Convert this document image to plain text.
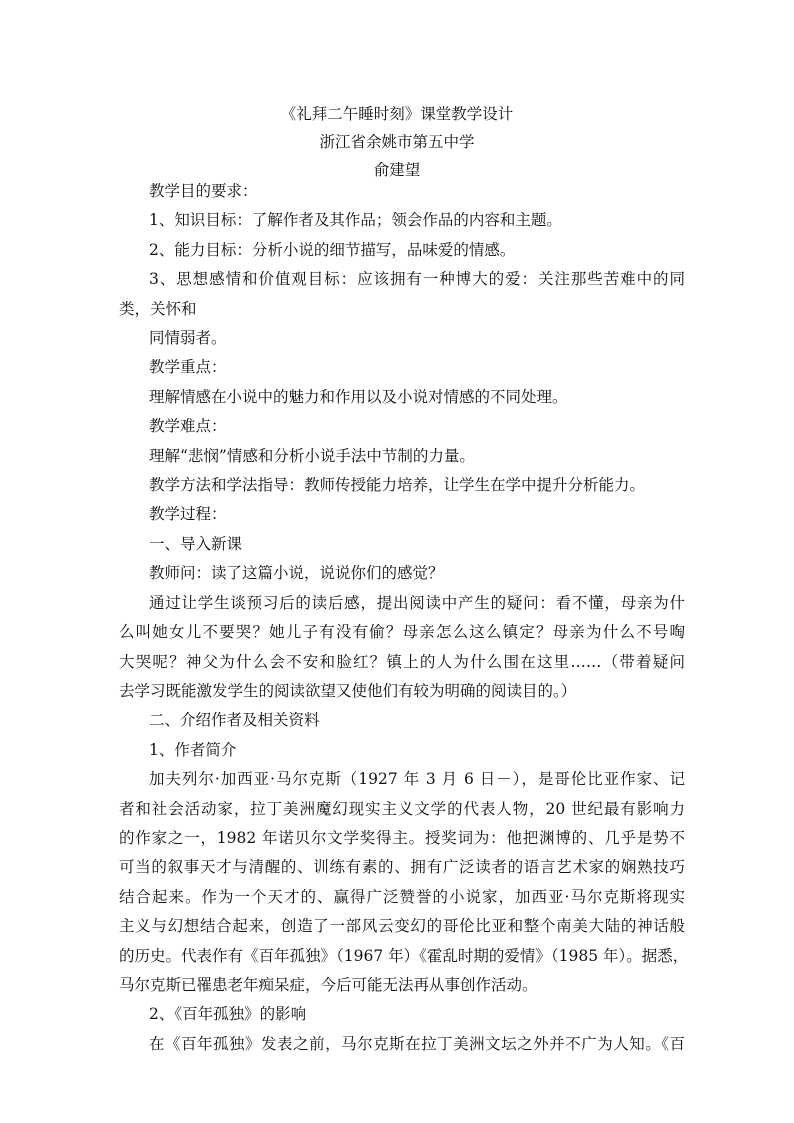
《礼拜二午睡时刻》课堂教学设计
浙江省余姚市第五中学
俞建望

教学目的要求：

1、知识目标：了解作者及其作品；领会作品的内容和主题。

2、能力目标：分析小说的细节描写，品味爱的情感。

3、思想感情和价值观目标：应该拥有一种博大的爱：关注那些苦难中的同
类，关怀和

同情弱者。

教学重点：

理解情感在小说中的魅力和作用以及小说对情感的不同处理。

教学难点：

理解“悲悯”情感和分析小说手法中节制的力量。

教学方法和学法指导：教师传授能力培养，让学生在学中提升分析能力。

教学过程：

一、导入新课

教师问：读了这篇小说，说说你们的感觉？

通过让学生谈预习后的读后感，提出阅读中产生的疑问：看不懂，母亲为什
么叫她女儿不要哭？她儿子有没有偷？母亲怎么这么镇定？母亲为什么不号啕
大哭呢？神父为什么会不安和脸红？镇上的人为什么围在这里……（带着疑问
去学习既能激发学生的阅读欲望又使他们有较为明确的阅读目的。）

二、介绍作者及相关资料

1、作者简介

加夫列尔·加西亚·马尔克斯（1927 年 3 月 6 日－），是哥伦比亚作家、记
者和社会活动家，拉丁美洲魔幻现实主义文学的代表人物，20 世纪最有影响力
的作家之一，1982 年诺贝尔文学奖得主。授奖词为：他把渊博的、几乎是势不
可当的叙事天才与清醒的、训练有素的、拥有广泛读者的语言艺术家的娴熟技巧
结合起来。作为一个天才的、赢得广泛赞誉的小说家，加西亚·马尔克斯将现实
主义与幻想结合起来，创造了一部风云变幻的哥伦比亚和整个南美大陆的神话般
的历史。代表作有《百年孤独》（1967 年）《霍乱时期的爱情》（1985 年）。据悉，
马尔克斯已罹患老年痴呆症，今后可能无法再从事创作活动。

2、《百年孤独》的影响

在《百年孤独》发表之前，马尔克斯在拉丁美洲文坛之外并不广为人知。《百
